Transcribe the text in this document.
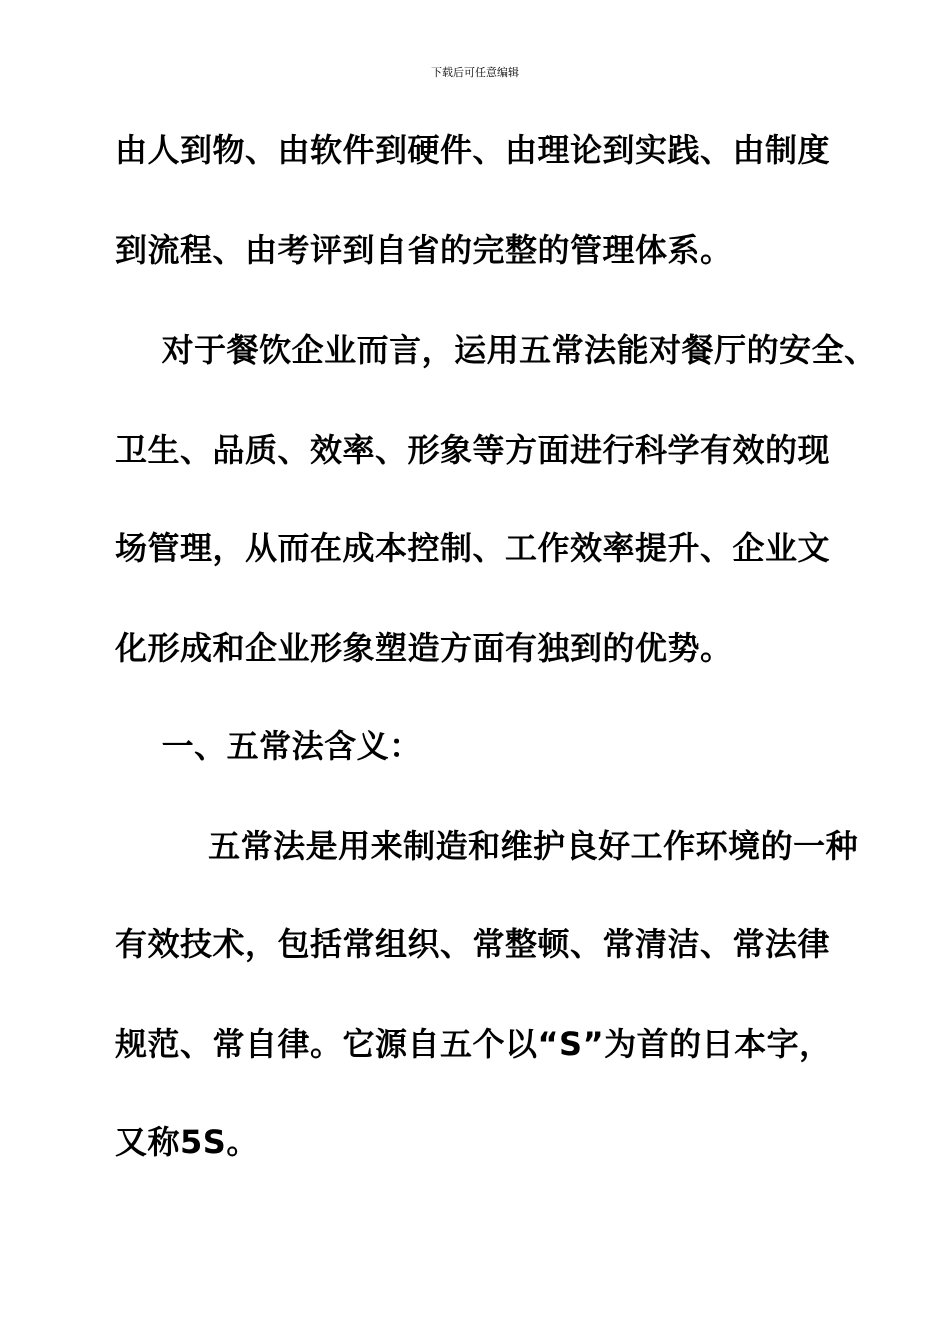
下载后可任意编辑
由人到物、由软件到硬件、由理论到实践、由制度
到流程、由考评到自省的完整的管理体系。
对于餐饮企业而言，运用五常法能对餐厅的安全、
卫生、品质、效率、形象等方面进行科学有效的现
场管理，从而在成本控制、工作效率提升、企业文
化形成和企业形象塑造方面有独到的优势。
一、五常法含义：
五常法是用来制造和维护良好工作环境的一种
有效技术，包括常组织、常整顿、常清洁、常法律
规范、常自律。它源自五个以“S”为首的日本字，
又称5S。
